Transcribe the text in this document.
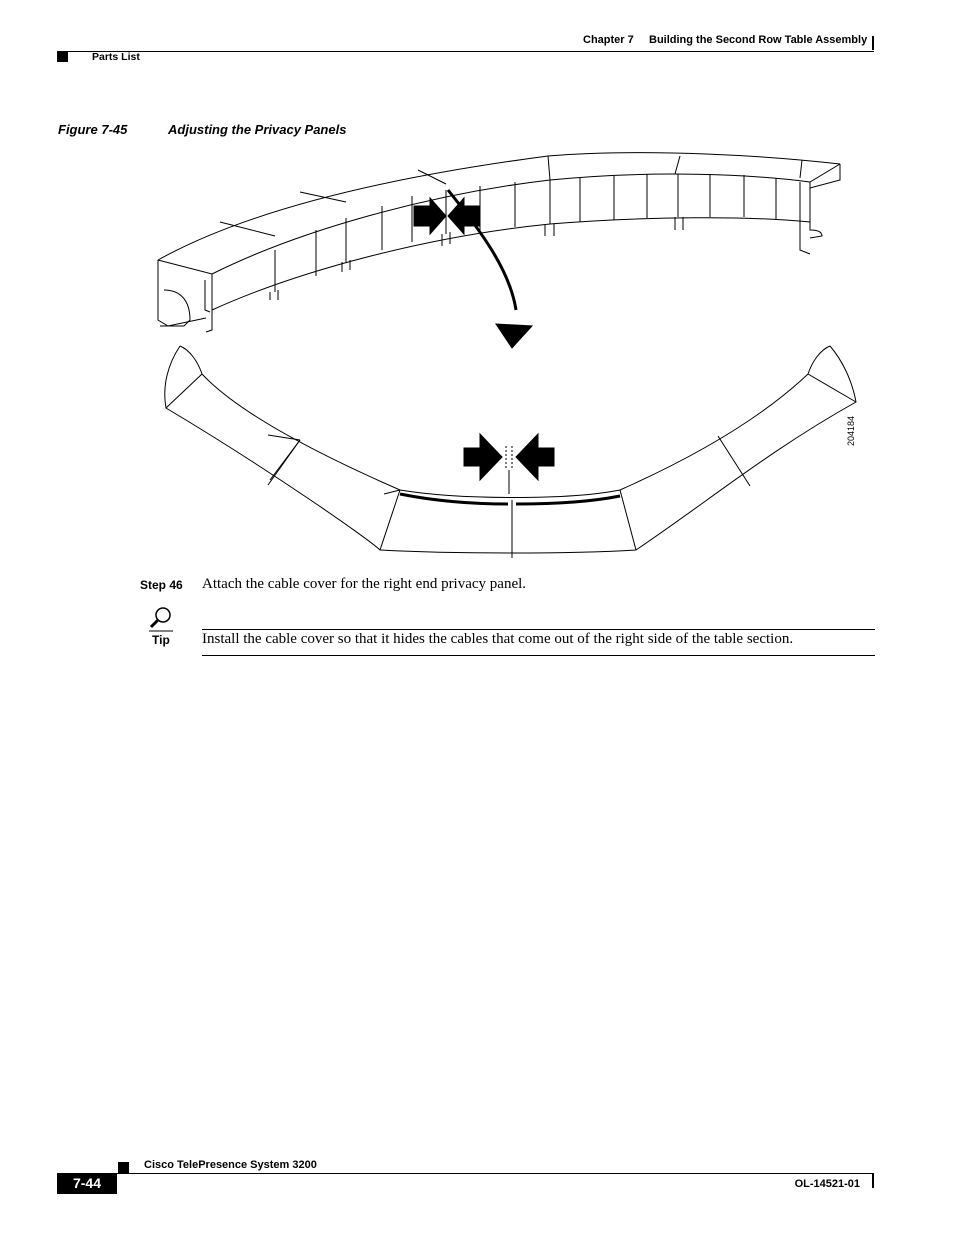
Chapter 7 Building the Second Row Table Assembly
Parts List
Figure 7-45	Adjusting the Privacy Panels
204184
Step 46 Attach the cable cover for the right end privacy panel.
Tip Install the cable cover so that it hides the cables that come out of the right side of the table section.
Cisco TelePresence System 3200
7-44	OL-14521-01
